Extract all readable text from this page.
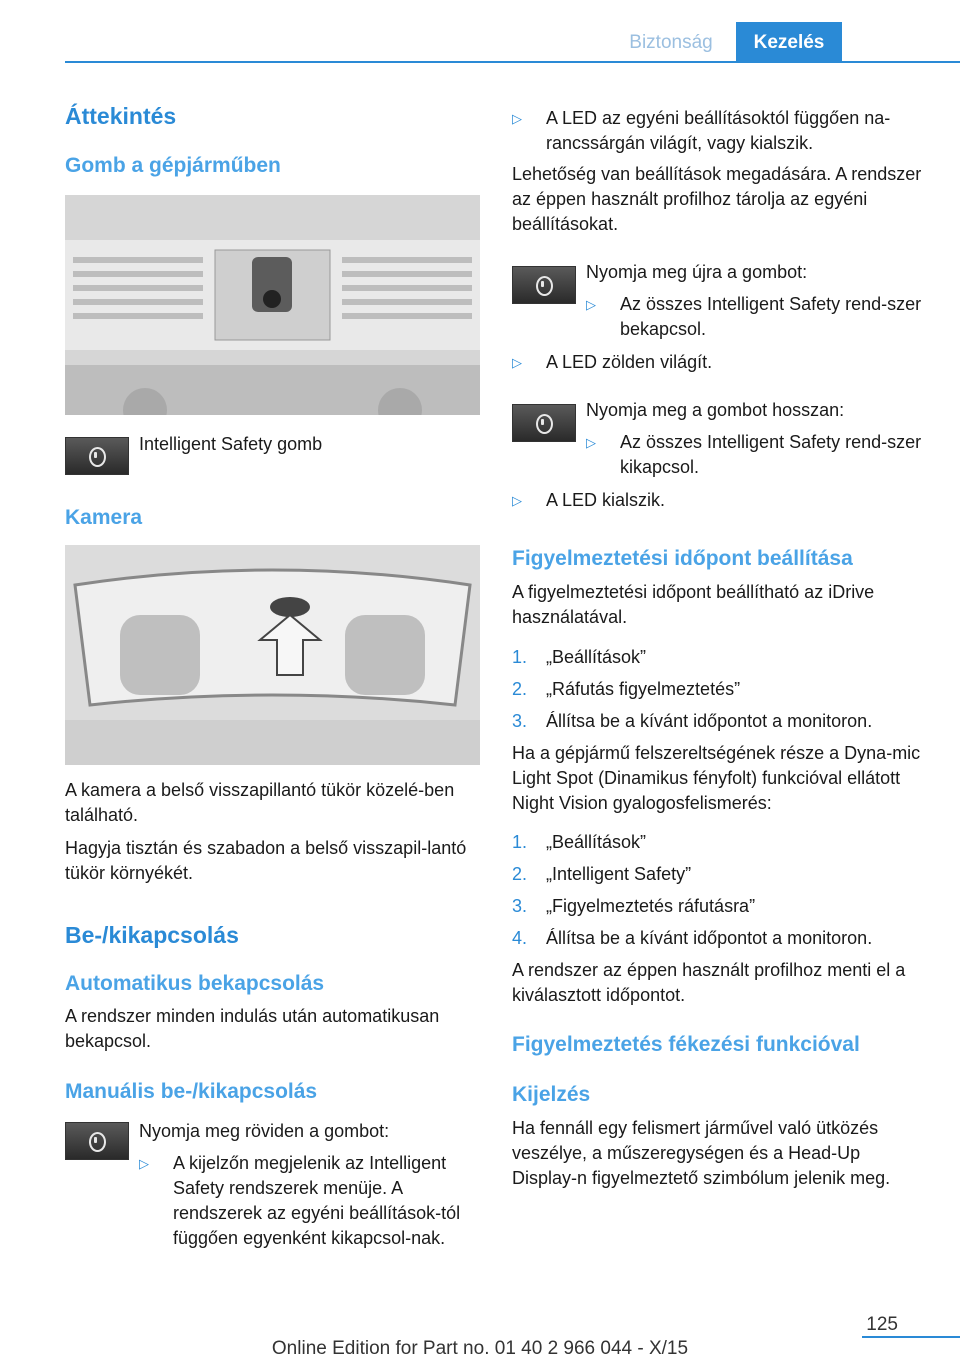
Biztonság	Kezelés
Áttekintés
Gomb a gépjárműben

Intelligent Safety gomb

Kamera

A kamera a belső visszapillantó tükör közelé-ben található.

Hagyja tisztán és szabadon a belső visszapil-lantó tükör környékét.

Be-/kikapcsolás
Automatikus bekapcsolás

A rendszer minden indulás után automatikusan bekapcsol.

Manuális be-/kikapcsolás

Nyomja meg röviden a gombot:

▷ A kijelzőn megjelenik az Intelligent Safety rendszerek menüje. A rendszerek az egyéni beállítások-tól függően egyenként kikapcsol-nak.
▷ A LED az egyéni beállításoktól függően na-rancssárgán világít, vagy kialszik.

Lehetőség van beállítások megadására. A rendszer az éppen használt profilhoz tárolja az egyéni beállításokat.

Nyomja meg újra a gombot:

▷ Az összes Intelligent Safety rend-szer bekapcsol.
▷ A LED zölden világít.

Nyomja meg a gombot hosszan:

▷ Az összes Intelligent Safety rend-szer kikapcsol.
▷ A LED kialszik.
Figyelmeztetési időpont beállítása

A figyelmeztetési időpont beállítható az iDrive használatával.

1. „Beállítások”
2. „Ráfutás figyelmeztetés”
3. Állítsa be a kívánt időpontot a monitoron.

Ha a gépjármű felszereltségének része a Dyna-mic Light Spot (Dinamikus fényfolt) funkcióval ellátott Night Vision gyalogosfelismerés:

1. „Beállítások”
2. „Intelligent Safety”
3. „Figyelmeztetés ráfutásra”
4. Állítsa be a kívánt időpontot a monitoron.

A rendszer az éppen használt profilhoz menti el a kiválasztott időpontot.

Figyelmeztetés fékezési funkcióval
Kijelzés

Ha fennáll egy felismert járművel való ütközés veszélye, a műszeregységen és a Head-Up Display-n figyelmeztető szimbólum jelenik meg.

125
Online Edition for Part no. 01 40 2 966 044 - X/15
